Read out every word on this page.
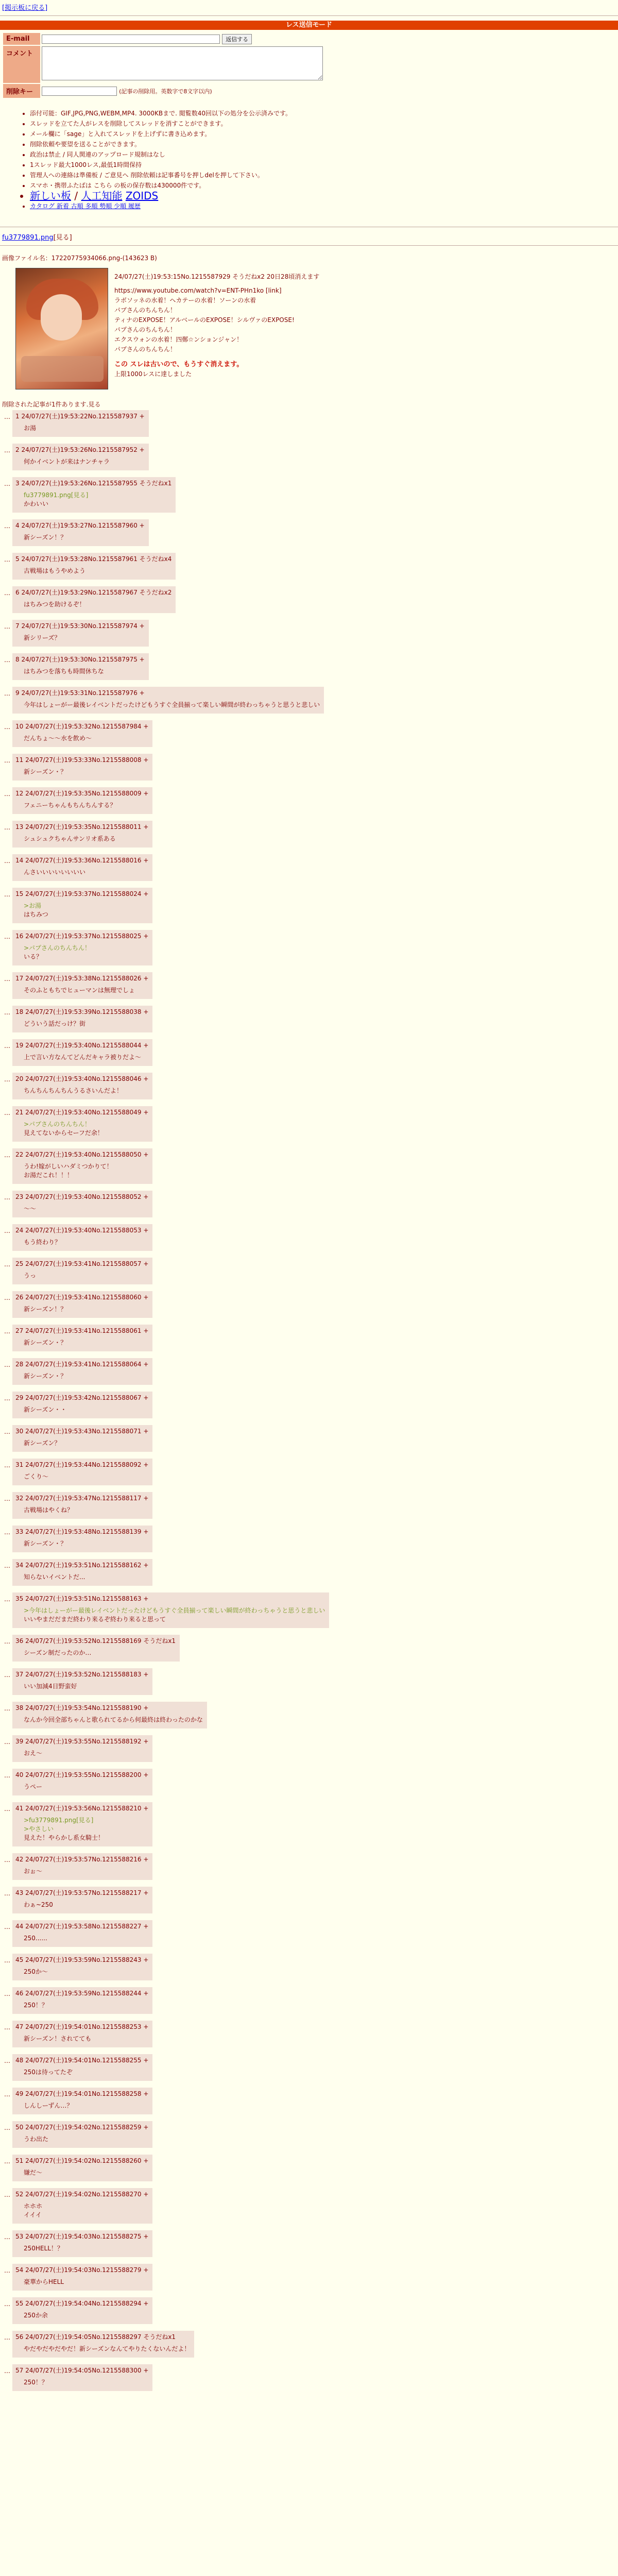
[掲示板に戻る]
レス送信モード
E-mail	返信する
コメント	
削除キー	(記事の削除用。英数字で8文字以内)
• 添付可能：GIF,JPG,PNG,WEBM,MP4. 3000KBまで. 閲覧数40回以下の処分を公示済みです。
• スレッドを立てた人がレスを削除してスレッドを消すことができます。
• メール欄に「sage」と入れてスレッドを上げずに書き込めます。
• 削除依頼や要望を送ることができます。
• 政治は禁止 / 同人関連のアップロード規制はなし
• 1スレッド最大1000レス,最低1時間保持
• 管理人への連絡は準備板 / ご意見へ 削除依頼は記事番号を押しdelを押して下さい。
• スマホ・携帯ふたばは こちら の板の保存数は430000件です。
• 新しい板 / 人工知能 ZOIDS
• カタログ 新着 古順 多順 勢順 少順 履歴
fu3779891.png[見る]
画像ファイル名：17220775934066.png-(143623 B)
24/07/27(土)19:53:15No.1215587929 そうだねx2 20日28頃消えます
https://www.youtube.com/watch?v=ENT-PHn1ko [link]
ラボソッネの水着！ヘカテーの水着！ソーンの水着
パプさんのちんちん！
ティナのEXPOSE！アルベールのEXPOSE！シルヴァのEXPOSE!
パプさんのちんちん！
エクスウォンの水着！四鄭☆ンションジャン！
パプさんのちんちん！
この スレは古いので、もうすぐ消えます。
上限1000レスに達しました
削除された記事が1件あります.見る
… 1 24/07/27(土)19:53:22No.1215587937 +
お湯
… 2 24/07/27(土)19:53:26No.1215587952 +
何かイベントが来はナンチャラ
… 3 24/07/27(土)19:53:26No.1215587955 そうだねx1
fu3779891.png[見る]
かわいい
… 4 24/07/27(土)19:53:27No.1215587960 +
新シーズン！？
… 5 24/07/27(土)19:53:28No.1215587961 そうだねx4
古戦場はもうやめよう
… 6 24/07/27(土)19:53:29No.1215587967 そうだねx2
はちみつを助けるぞ！
… 7 24/07/27(土)19:53:30No.1215587974 +
新シリーズ？
… 8 24/07/27(土)19:53:30No.1215587975 +
はちみつを落ちも時間休ちな
… 9 24/07/27(土)19:53:31No.1215587976 +
今年はしょーがー最後レイベントだったけどもうすぐ全員揃って楽しい瞬間が終わっちゃうと思うと悲しい
… 10 24/07/27(土)19:53:32No.1215587984 +
だんちょ〜〜水を飲め〜
… 11 24/07/27(土)19:53:33No.1215588008 +
新シーズン・？
… 12 24/07/27(土)19:53:35No.1215588009 +
フェニーちゃんもちんちんする？
… 13 24/07/27(土)19:53:35No.1215588011 +
シュシュクちゃんサンリオ系ある
… 14 24/07/27(土)19:53:36No.1215588016 +
んさいいいいいいいい
… 15 24/07/27(土)19:53:37No.1215588024 +
>お湯
はちみつ
… 16 24/07/27(土)19:53:37No.1215588025 +
>パプさんのちんちん！
いる？
… 17 24/07/27(土)19:53:38No.1215588026 +
そのふともちでヒューマンは無理でしょ
… 18 24/07/27(土)19:53:39No.1215588038 +
どういう話だっけ？街
… 19 24/07/27(土)19:53:40No.1215588044 +
上で言い方なんてどんだキャラ被りだよ〜
… 20 24/07/27(土)19:53:40No.1215588046 +
ちんちんちんちんうるさいんだよ！
… 21 24/07/27(土)19:53:40No.1215588049 +
>パプさんのちんちん！
見えてないからセーフだ余！
… 22 24/07/27(土)19:53:40No.1215588050 +
うわ!嫁がしいハダミつかりて！
お湯だこれ！！！
… 23 24/07/27(土)19:53:40No.1215588052 +
〜〜
… 24 24/07/27(土)19:53:40No.1215588053 +
もう終わり？
… 25 24/07/27(土)19:53:41No.1215588057 +
うっ
… 26 24/07/27(土)19:53:41No.1215588060 +
新シーズン！？
… 27 24/07/27(土)19:53:41No.1215588061 +
新シーズン・？
… 28 24/07/27(土)19:53:41No.1215588064 +
新シーズン・？
… 29 24/07/27(土)19:53:42No.1215588067 +
新シーズン・・
… 30 24/07/27(土)19:53:43No.1215588071 +
新シーズン？
… 31 24/07/27(土)19:53:44No.1215588092 +
ごくり〜
… 32 24/07/27(土)19:53:47No.1215588117 +
古戦場はやくね？
… 33 24/07/27(土)19:53:48No.1215588139 +
新シーズン・？
… 34 24/07/27(土)19:53:51No.1215588162 +
知らないイベントだ...
… 35 24/07/27(土)19:53:51No.1215588163 +
>今年はしょーがー最後レイベントだったけどもうすぐ全員揃って楽しい瞬間が終わっちゃうと思うと悲しい
いいやまだだまだ終わり来るぞ終わり来ると思って
… 36 24/07/27(土)19:53:52No.1215588169 そうだねx1
シーズン制だったのか…
… 37 24/07/27(土)19:53:52No.1215588183 +
いい加減4日野蛮好
… 38 24/07/27(土)19:53:54No.1215588190 +
なんか今回全部ちゃんと歌られてるから何最終は終わったのかな
… 39 24/07/27(土)19:53:55No.1215588192 +
おえ〜
… 40 24/07/27(土)19:53:55No.1215588200 +
うぺー
… 41 24/07/27(土)19:53:56No.1215588210 +
>fu3779891.png[見る]
>やさしい
見えた！やらかし系女騎士！
… 42 24/07/27(土)19:53:57No.1215588216 +
おぉ〜
… 43 24/07/27(土)19:53:57No.1215588217 +
わぁ~250
… 44 24/07/27(土)19:53:58No.1215588227 +
250......
… 45 24/07/27(土)19:53:59No.1215588243 +
250か〜
… 46 24/07/27(土)19:53:59No.1215588244 +
250！？
… 47 24/07/27(土)19:54:01No.1215588253 +
新シーズン！されてても
… 48 24/07/27(土)19:54:01No.1215588255 +
250は待ってたぞ
… 49 24/07/27(土)19:54:01No.1215588258 +
しんしーずん…？
… 50 24/07/27(土)19:54:02No.1215588259 +
うわ出た
… 51 24/07/27(土)19:54:02No.1215588260 +
嫌だ〜
… 52 24/07/27(土)19:54:02No.1215588270 +
ホホホ
イイイ
… 53 24/07/27(土)19:54:03No.1215588275 +
250HELL！？
… 54 24/07/27(土)19:54:03No.1215588279 +
豪華からHELL
… 55 24/07/27(土)19:54:04No.1215588294 +
250か余
… 56 24/07/27(土)19:54:05No.1215588297 そうだねx1
やだやだやだやだ！新シーズンなんてやりたくないんだよ！
… 57 24/07/27(土)19:54:05No.1215588300 +
250！？
